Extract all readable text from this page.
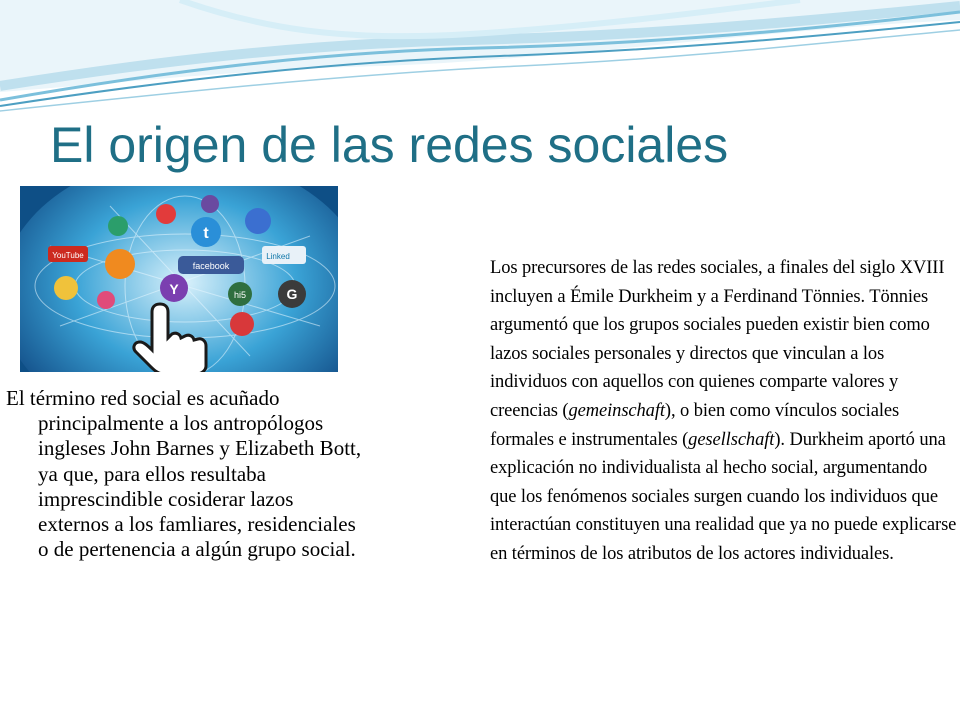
El origen de las redes sociales
t
YouTube
facebook
Linked
Y	hi5	G

El término red social es acuñado principalmente a los antropólogos ingleses John Barnes y Elizabeth Bott, ya que, para ellos resultaba imprescindible cosiderar lazos externos a los famliares, residenciales o de pertenencia a algún grupo social.

Los precursores de las redes sociales, a finales del siglo XVIII incluyen a Émile Durkheim y a Ferdinand Tönnies. Tönnies argumentó que los grupos sociales pueden existir bien como lazos sociales personales y directos que vinculan a los individuos con aquellos con quienes comparte valores y creencias (gemeinschaft), o bien como vínculos sociales formales e instrumentales (gesellschaft). Durkheim aportó una explicación no individualista al hecho social, argumentando que los fenómenos sociales surgen cuando los individuos que interactúan constituyen una realidad que ya no puede explicarse en términos de los atributos de los actores individuales.
